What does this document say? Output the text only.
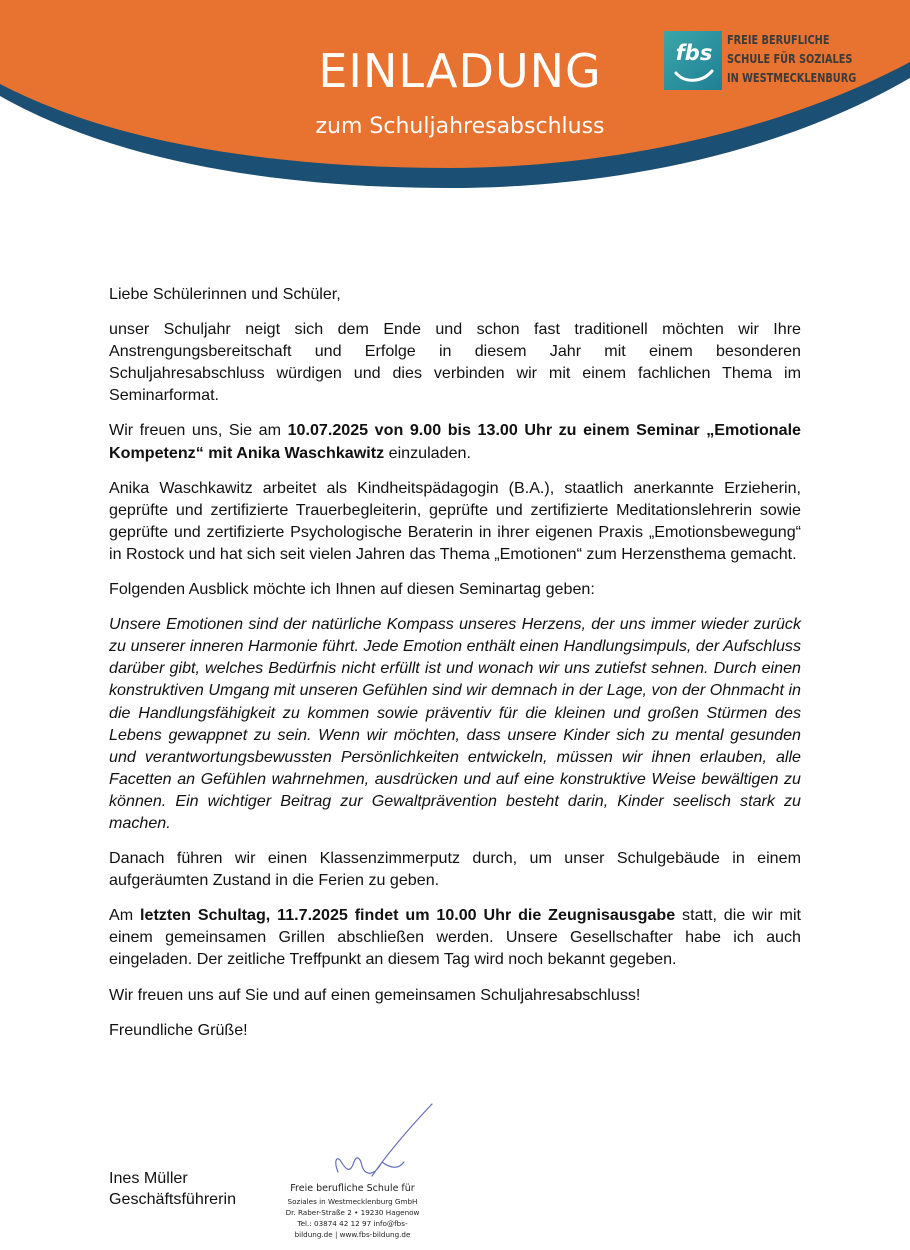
EINLADUNG
zum Schuljahresabschluss
fbs
FREIE BERUFLICHE
SCHULE FÜR SOZIALES
IN WESTMECKLENBURG

Liebe Schülerinnen und Schüler,

unser Schuljahr neigt sich dem Ende und schon fast traditionell möchten wir Ihre Anstrengungsbereitschaft und Erfolge in diesem Jahr mit einem besonderen Schuljahresabschluss würdigen und dies verbinden wir mit einem fachlichen Thema im Seminarformat.

Wir freuen uns, Sie am 10.07.2025 von 9.00 bis 13.00 Uhr zu einem Seminar „Emotionale Kompetenz“ mit Anika Waschkawitz einzuladen.

Anika Waschkawitz arbeitet als Kindheitspädagogin (B.A.), staatlich anerkannte Erzieherin, geprüfte und zertifizierte Trauerbegleiterin, geprüfte und zertifizierte Meditationslehrerin sowie geprüfte und zertifizierte Psychologische Beraterin in ihrer eigenen Praxis „Emotionsbewegung“ in Rostock und hat sich seit vielen Jahren das Thema „Emotionen“ zum Herzensthema gemacht.

Folgenden Ausblick möchte ich Ihnen auf diesen Seminartag geben:

Unsere Emotionen sind der natürliche Kompass unseres Herzens, der uns immer wieder zurück zu unserer inneren Harmonie führt. Jede Emotion enthält einen Handlungsimpuls, der Aufschluss darüber gibt, welches Bedürfnis nicht erfüllt ist und wonach wir uns zutiefst sehnen. Durch einen konstruktiven Umgang mit unseren Gefühlen sind wir demnach in der Lage, von der Ohnmacht in die Handlungsfähigkeit zu kommen sowie präventiv für die kleinen und großen Stürmen des Lebens gewappnet zu sein. Wenn wir möchten, dass unsere Kinder sich zu mental gesunden und verantwortungsbewussten Persönlichkeiten entwickeln, müssen wir ihnen erlauben, alle Facetten an Gefühlen wahrnehmen, ausdrücken und auf eine konstruktive Weise bewältigen zu können. Ein wichtiger Beitrag zur Gewaltprävention besteht darin, Kinder seelisch stark zu machen.

Danach führen wir einen Klassenzimmerputz durch, um unser Schulgebäude in einem aufgeräumten Zustand in die Ferien zu geben.

Am letzten Schultag, 11.7.2025 findet um 10.00 Uhr die Zeugnisausgabe statt, die wir mit einem gemeinsamen Grillen abschließen werden. Unsere Gesellschafter habe ich auch eingeladen. Der zeitliche Treffpunkt an diesem Tag wird noch bekannt gegeben.

Wir freuen uns auf Sie und auf einen gemeinsamen Schuljahresabschluss!

Freundliche Grüße!

Ines Müller
Geschäftsführerin
Freie berufliche Schule für
Soziales in Westmecklenburg GmbH
Dr. Raber-Straße 2 • 19230 Hagenow
Tel.: 03874 42 12 97 info@fbs-
bildung.de | www.fbs-bildung.de
